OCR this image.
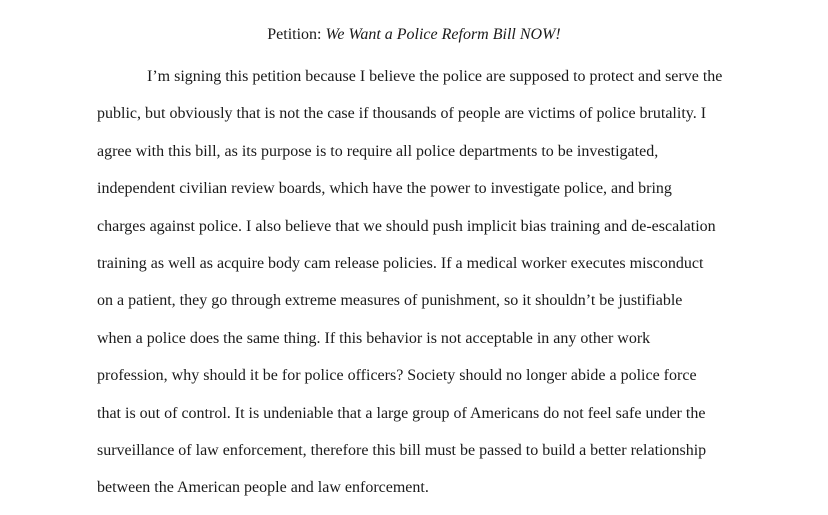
Petition: We Want a Police Reform Bill NOW!
I’m signing this petition because I believe the police are supposed to protect and serve the
public, but obviously that is not the case if thousands of people are victims of police brutality. I
agree with this bill, as its purpose is to require all police departments to be investigated,
independent civilian review boards, which have the power to investigate police, and bring
charges against police. I also believe that we should push implicit bias training and de-escalation
training as well as acquire body cam release policies. If a medical worker executes misconduct
on a patient, they go through extreme measures of punishment, so it shouldn’t be justifiable
when a police does the same thing. If this behavior is not acceptable in any other work
profession, why should it be for police officers? Society should no longer abide a police force
that is out of control. It is undeniable that a large group of Americans do not feel safe under the
surveillance of law enforcement, therefore this bill must be passed to build a better relationship
between the American people and law enforcement.
